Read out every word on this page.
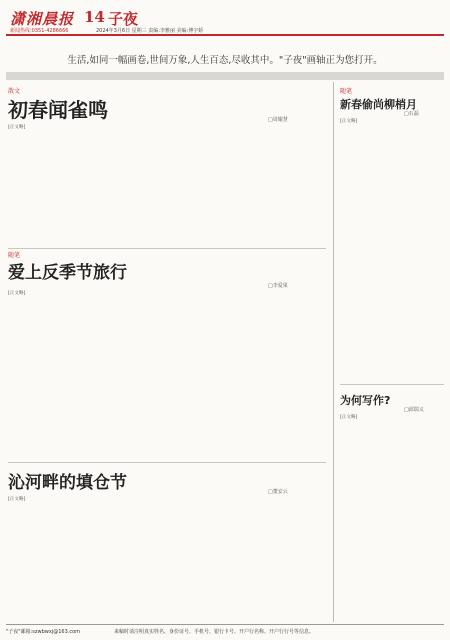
潇湘晨报 14 子夜
新闻热线:0351-4286666	2024年3月6日 星期三 责编:李雅丽 美编:傅宇娇
生活,如同一幅画卷,世间万象,人生百态,尽收其中。"子夜"画轴正为您打开。
散文
初春闻雀鸣	□周耀慧
[正文略]
随笔
爱上反季节旅行
□李爱果
[正文略]
沁河畔的填仓节	□董安云
[正文略]
随笔
新春偷尚柳梢月
□石磊
[正文略]
为何写作?
□邱瑞义
[正文略]
"子夜"邮箱:szwbwxj@163.com	来稿时请注明真实姓名、身份证号、手机号、银行卡号、开户行名称、开户行行号等信息。
